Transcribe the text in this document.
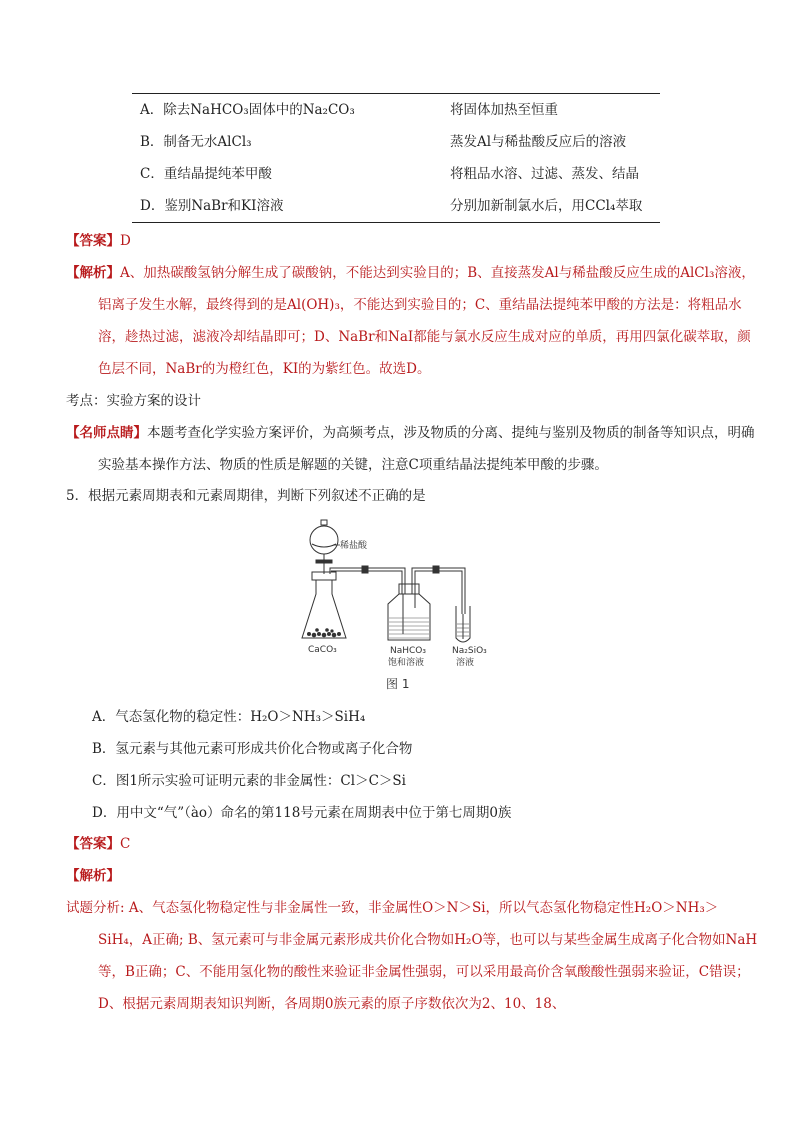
A．除去NaHCO₃固体中的Na₂CO₃	将固体加热至恒重
B．制备无水AlCl₃	蒸发Al与稀盐酸反应后的溶液
C．重结晶提纯苯甲酸	将粗品水溶、过滤、蒸发、结晶
D．鉴别NaBr和KI溶液	分别加新制氯水后，用CCl₄萃取
【答案】D
【解析】A、加热碳酸氢钠分解生成了碳酸钠，不能达到实验目的；B、直接蒸发Al与稀盐酸反应生成的AlCl₃溶液，铝离子发生水解，最终得到的是Al(OH)₃，不能达到实验目的；C、重结晶法提纯苯甲酸的方法是：将粗品水溶，趁热过滤，滤液冷却结晶即可；D、NaBr和NaI都能与氯水反应生成对应的单质，再用四氯化碳萃取，颜色层不同，NaBr的为橙红色，KI的为紫红色。故选D。
考点：实验方案的设计
【名师点睛】本题考查化学实验方案评价，为高频考点，涉及物质的分离、提纯与鉴别及物质的制备等知识点，明确实验基本操作方法、物质的性质是解题的关键，注意C项重结晶法提纯苯甲酸的步骤。
5．根据元素周期表和元素周期律，判断下列叙述不正确的是
稀盐酸
CaCO₃	NaHCO₃
饱和溶液
Na₂SiO₃
溶液
图 1
A．气态氢化物的稳定性：H₂O＞NH₃＞SiH₄
B．氢元素与其他元素可形成共价化合物或离子化合物
C．图1所示实验可证明元素的非金属性：Cl＞C＞Si
D．用中文“气”（ào）命名的第118号元素在周期表中位于第七周期0族
【答案】C
【解析】
试题分析: A、气态氢化物稳定性与非金属性一致，非金属性O＞N＞Si，所以气态氢化物稳定性H₂O＞NH₃＞SiH₄，A正确; B、氢元素可与非金属元素形成共价化合物如H₂O等，也可以与某些金属生成离子化合物如NaH等，B正确；C、不能用氢化物的酸性来验证非金属性强弱，可以采用最高价含氧酸酸性强弱来验证，C错误；D、根据元素周期表知识判断，各周期0族元素的原子序数依次为2、10、18、
